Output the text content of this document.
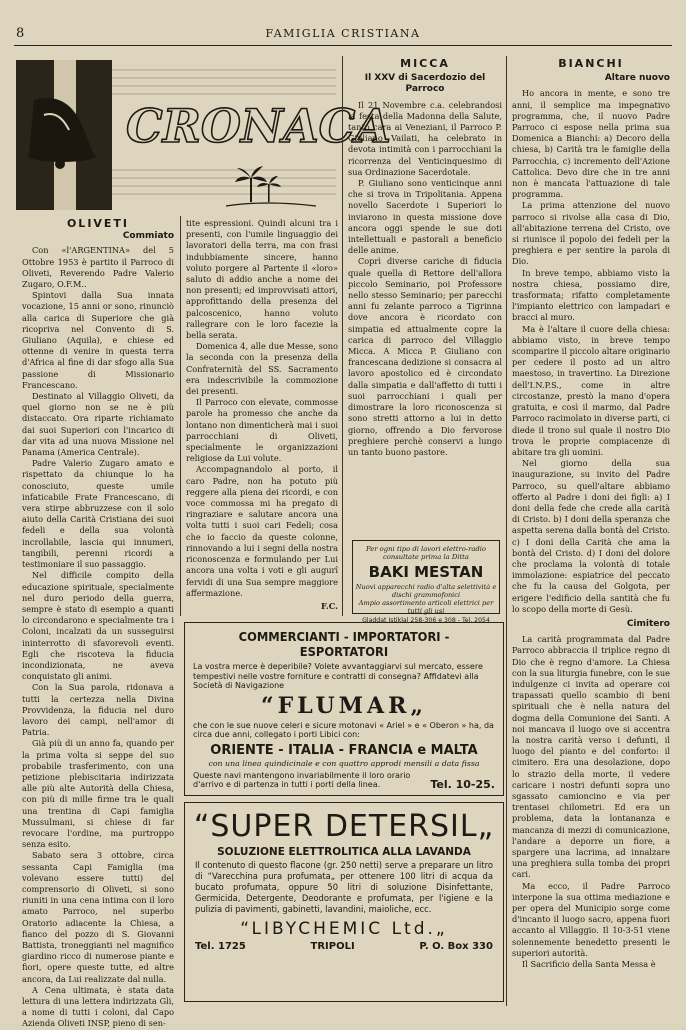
8	FAMIGLIA CRISTIANA
CRONACA
OLIVETI
Commiato

Con «l'ARGENTINA» del 5 Ottobre 1953 è partito il Parroco di Oliveti, Reverendo Padre Valerio Zugaro, O.F.M..

Spintovi dalla Sua innata vocazione, 15 anni or sono, rinunciò alla carica di Superiore che già ricopriva nel Convento di S. Giuliano (Aquila), e chiese ed ottenne di venire in questa terra d'Africa al fine di dar sfogo alla Sua passione di Missionario Francescano.

Destinato al Villaggio Oliveti, da quel giorno non se ne è più distaccato. Ora riparte richiamato dai suoi Superiori con l'incarico di dar vita ad una nuova Missione nel Panama (America Centrale).

Padre Valerio Zugaro amato e rispettato da chiunque lo ha conosciuto, queste umile infaticabile Frate Francescano, di vera stirpe abbruzzese con il solo aiuto della Carità Cristiana dei suoi fedeli e della sua volontà incrollabile, lascia qui innumeri, tangibili, perenni ricordi a testimoniare il suo passaggio.

Nel difficile compito della educazione spirituale, specialmente nel duro periodo della guerra, sempre è stato di esempio a quanti lo circondarono e specialmente tra i Coloni, incalzati da un susseguirsi ininterrotto di sfavorevoli eventi. Egli che riscoteva la fiducia incondizionata, ne aveva conquistato gli animi.

Con la Sua parola, ridonava a tutti la certezza nella Divina Provvidenza, la fiducia nel duro lavoro dei campi, nell'amor di Patria.

Già più di un anno fa, quando per la prima volta si seppe del suo probabile trasferimento, con una petizione plebiscitaria indirizzata alle più alte Autorità della Chiesa, con più di mille firme tra le quali una trentina di Capi famiglia Mussulmani, si chiese di far revocare l'ordine, ma purtroppo senza esito.

Sabato sera 3 ottobre, circa sessanta Capi Famiglia (ma volevano essere tutti) del comprensorio di Oliveti, si sono riuniti in una cena intima con il loro amato Parroco, nel superbo Oratorio adiacente la Chiesa, a fianco del pozzo di S. Giovanni Battista, troneggianti nel magnifico giardino ricco di numerose piante e fiori, opere queste tutte, ed altre ancora, da Lui realizzate dal nulla.

A Cena ultimata, è stata data lettura di una lettera indirizzata Gli, a nome di tutti i coloni, dal Capo Azienda Oliveti INSP, pieno di sen-

tite espressioni. Quindi alcuni tra i presenti, con l'umile linguaggio dei lavoratori della terra, ma con frasi indubbiamente sincere, hanno voluto porgere al Partente il «loro» saluto di addio anche a nome dei non presenti; ed improvvisati attori, approfittando della presenza del palcoscenico, hanno voluto rallegrare con le loro facezie la bella serata.

Domenica 4, alle due Messe, sono la seconda con la presenza della Confraternità del SS. Sacramento era indescrivibile la commozione dei presenti.

Il Parroco con elevate, commosse parole ha promesso che anche da lontano non dimenticherà mai i suoi parrocchiani di Oliveti, specialmente le organizzazioni religiose da Lui volute.

Accompagnandolo al porto, il caro Padre, non ha potuto più reggere alla piena dei ricordi, e con voce commossa mi ha pregato di ringraziare e salutare ancora una volta tutti i suoi cari Fedeli; cosa che io faccio da queste colonne, rinnovando a lui i segni della nostra riconoscenza e formulando per Lui ancora una volta i voti e gli augurî fervidi di una Sua sempre maggiore affermazione.

F.C.
MICCA
Il XXV di Sacerdozio del Parroco

Il 21 Novembre c.a. celebrandosi la festa della Madonna della Salute, tanto cara ai Veneziani, il Parroco P. Giuliano Vailati, ha celebrato in devota intimità con i parrocchiani la ricorrenza del Venticinquesimo di sua Ordinazione Sacerdotale.

P. Giuliano sono venticinque anni che si trova in Tripolitania. Appena novello Sacerdote i Superiori lo inviarono in questa missione dove ancora oggi spende le sue doti intellettuali e pastorali a beneficio delle anime.

Coprì diverse cariche di fiducia quale quella di Rettore dell'allora piccolo Seminario, poi Professore nello stesso Seminario; per parecchi anni fu zelante parroco a Tigrinna dove ancora è ricordato con simpatia ed attualmente copre la carica di parroco del Villaggio Micca. A Micca P. Giuliano con francescana dedizione si consacra al lavoro apostolico ed è circondato dalla simpatia e dall'affetto di tutti i suoi parrocchiani i quali per dimostrare la loro riconoscenza si sono stretti attorno a lui in detto giorno, offrendo a Dio fervorose preghiere perchè conservi a lungo un tanto buono pastore.

Per ogni tipo di lavori elettro-radio consultate prima la Ditta
BAKI MESTAN
Nuovi apparecchi radio d'alta selettività e dischi grammofonici
Ampio assortimento articoli elettrici per tutti gli usi
Gladdat Istiklal 258-306 e 308 - Tel. 2054
BIANCHI
Altare nuovo

Ho ancora in mente, e sono tre anni, il semplice ma impegnativo programma, che, il nuovo Padre Parroco ci espose nella prima sua Domenica a Bianchi: a) Decoro della chiesa, b) Carità tra le famiglie della Parrocchia, c) incremento dell'Azione Cattolica. Devo dire che in tre anni non è mancata l'attuazione di tale programma.

La prima attenzione del nuovo parroco si rivolse alla casa di Dio, all'abitazione terrena del Cristo, ove si riunisce il popolo dei fedeli per la preghiera e per sentire la parola di Dio.

In breve tempo, abbiamo visto la nostra chiesa, possiamo dire, trasformata; rifatto completamente l'impianto elettrico con lampadari e bracci al muro.

Ma è l'altare il cuore della chiesa: abbiamo visto, in breve tempo scomparire il piccolo altare originario per cedere il posto ad un altro maestoso, in travertino. La Direzione dell'I.N.P.S., come in altre circostanze, prestò la mano d'opera gratuita, e così il marmo, dal Padre Parroco racimolato in diverse parti, ci diede il trono sul quale il nostro Dio trova le proprie compiacenze di abitare tra gli uomini.

Nel giorno della sua inaugurazione, su invito del Padre Parroco, su quell'altare abbiamo offerto al Padre i doni dei figli: a) I doni della fede che crede alla carità di Cristo. b) I doni della speranza che aspetta serena dalla bontà del Cristo. c) I doni della Carità che ama la bontà del Cristo. d) I doni del dolore che proclama la volontà di totale immolazione: espiatrice del peccato che fu la causa del Golgota, per erigere l'edificio della santità che fu lo scopo della morte di Gesù.

Cimitero

La carità programmata dal Padre Parroco abbraccia il triplice regno di Dio che è regno d'amore. La Chiesa con la sua liturgia funebre, con le sue indulgenze ci invita ad operare coi trapassati quello scambio di beni spirituali che è nella natura del dogma della Comunione dei Santi. A noi mancava il luogo ove si accentra la nostra carità verso i defunti, il luogo del pianto e del conforto: il cimitero. Era una desolazione, dopo lo strazio della morte, il vedere caricare i nostri defunti sopra uno sgassato camioncino e via per trentasei chilometri. Ed era un problema, data la lontananza e mancanza di mezzi di comunicazione, l'andare a deporre un fiore, a spargere una lacrima, ad innalzare una preghiera sulla tomba dei propri cari.

Ma ecco, il Padre Parroco interpone la sua ottima mediazione e per opera del Municipio sorge come d'incanto il luogo sacro, appena fuori accanto al Villaggio. Il 10-3-51 viene solennemente benedetto presenti le superiori autorità.

Il Sacrificio della Santa Messa è

COMMERCIANTI - IMPORTATORI - ESPORTATORI
La vostra merce è deperibile? Volete avvantaggiarvi sul mercato, essere tempestivi nelle vostre forniture e contratti di consegna? Affidatevi alla Società di Navigazione
“FLUMAR„
che con le sue nuove celeri e sicure motonavi « Ariel » e « Oberon » ha, da circa due anni, collegato i porti Libici con:
ORIENTE - ITALIA - FRANCIA e MALTA
con una linea quindicinale e con quattro approdi mensili a data fissa
Queste navi mantengono invariabilmente il loro orario d'arrivo e di partenza in tutti i porti della linea.	Tel. 10-25.
“SUPER DETERSIL„
SOLUZIONE ELETTROLITICA ALLA LAVANDA
Il contenuto di questo flacone (gr. 250 netti) serve a preparare un litro di “Varecchina pura profumata„ per ottenere 100 litri di acqua da bucato profumata, oppure 50 litri di soluzione Disinfettante, Germicida, Detergente, Deodorante e profumata, per l'igiene e la pulizia di pavimenti, gabinetti, lavandini, maioliche, ecc.
“LIBYCHEMIC Ltd.„
Tel. 1725	TRIPOLI	P. O. Box 330
